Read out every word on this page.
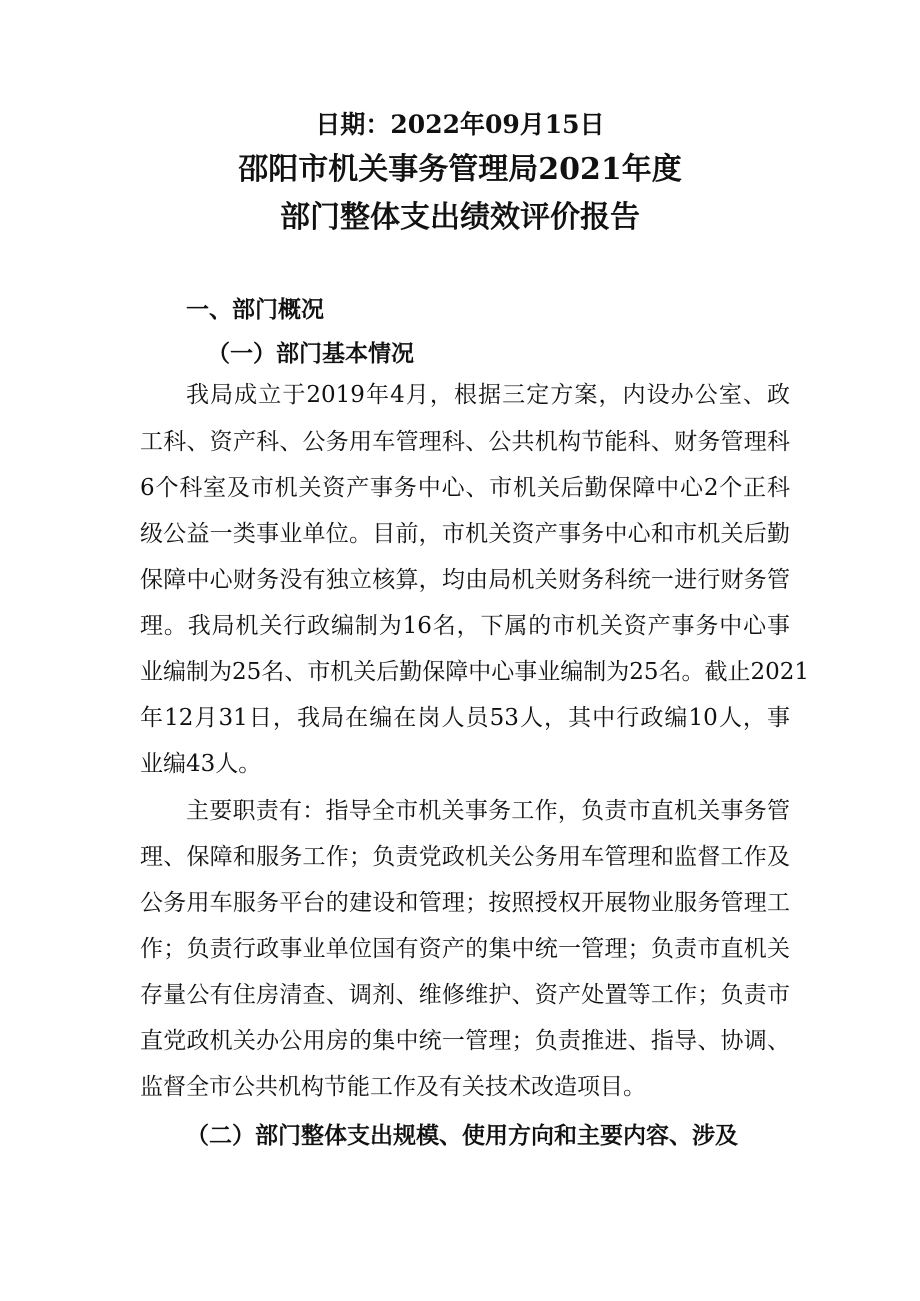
日期：2022年09月15日
邵阳市机关事务管理局2021年度
部门整体支出绩效评价报告
一、部门概况
（一）部门基本情况
我局成立于2019年4月，根据三定方案，内设办公室、政
工科、资产科、公务用车管理科、公共机构节能科、财务管理科
6个科室及市机关资产事务中心、市机关后勤保障中心2个正科
级公益一类事业单位。目前，市机关资产事务中心和市机关后勤
保障中心财务没有独立核算，均由局机关财务科统一进行财务管
理。我局机关行政编制为16名，下属的市机关资产事务中心事
业编制为25名、市机关后勤保障中心事业编制为25名。截止2021
年12月31日，我局在编在岗人员53人，其中行政编10人，事
业编43人。
主要职责有：指导全市机关事务工作，负责市直机关事务管
理、保障和服务工作；负责党政机关公务用车管理和监督工作及
公务用车服务平台的建设和管理；按照授权开展物业服务管理工
作；负责行政事业单位国有资产的集中统一管理；负责市直机关
存量公有住房清查、调剂、维修维护、资产处置等工作；负责市
直党政机关办公用房的集中统一管理；负责推进、指导、协调、
监督全市公共机构节能工作及有关技术改造项目。
（二）部门整体支出规模、使用方向和主要内容、涉及
